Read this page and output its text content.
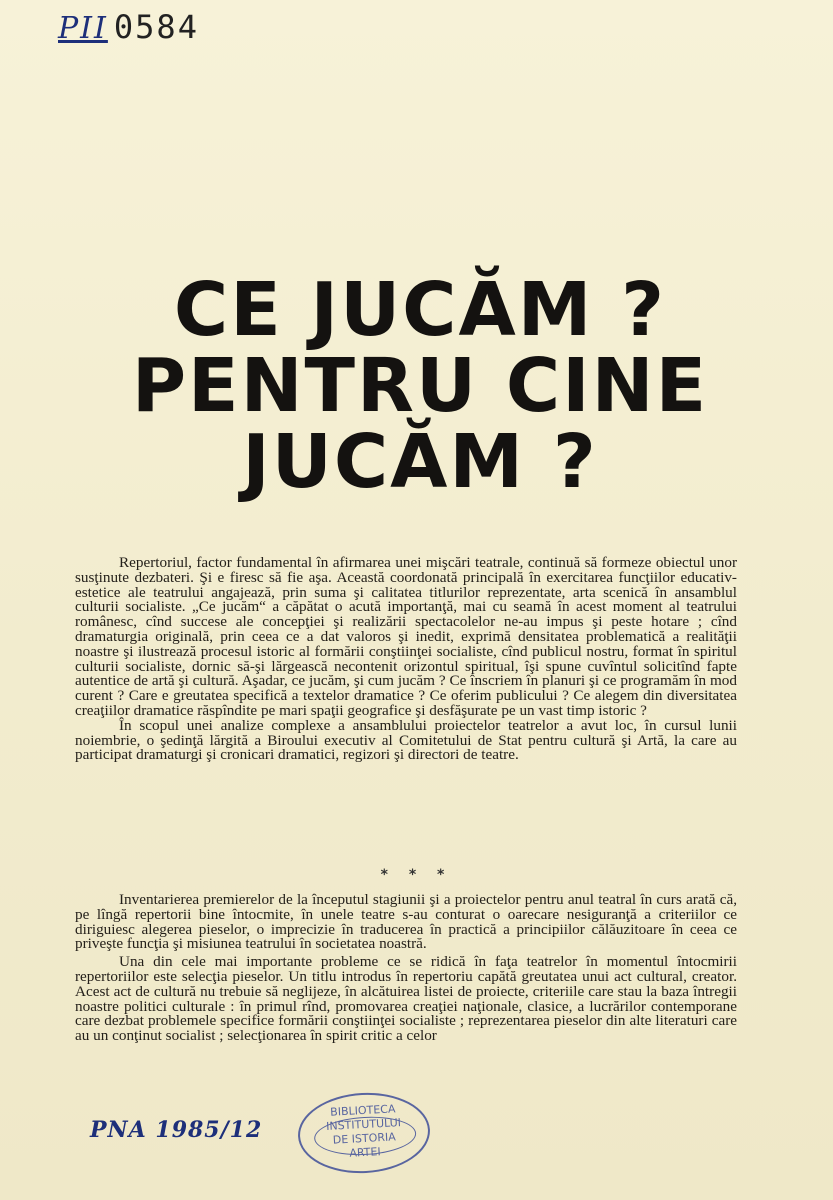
PII 0584
CE JUCĂM ?
PENTRU CINE
JUCĂM ?

Repertoriul, factor fundamental în afirmarea unei mişcări teatrale, continuă să formeze obiectul unor susţinute dezbateri. Şi e firesc să fie aşa. Această coordonată principală în exercitarea funcţiilor educativ-estetice ale teatrului angajează, prin suma şi calitatea titlurilor reprezentate, arta scenică în ansamblul culturii socialiste. „Ce jucăm“ a căpătat o acută importanţă, mai cu seamă în acest moment al teatrului românesc, cînd succese ale concepţiei şi realizării spectacolelor ne-au impus şi peste hotare ; cînd dramaturgia originală, prin ceea ce a dat valoros şi inedit, exprimă densitatea problematică a realităţii noastre şi ilustrează procesul istoric al formării conştiinţei socialiste, cînd publicul nostru, format în spiritul culturii socialiste, dornic să-şi lărgească necontenit orizontul spiritual, îşi spune cuvîntul solicitînd fapte autentice de artă şi cultură. Aşadar, ce jucăm, şi cum jucăm ? Ce înscriem în planuri şi ce programăm în mod curent ? Care e greutatea specifică a textelor dramatice ? Ce oferim publicului ? Ce alegem din diversitatea creaţiilor dramatice răspîndite pe mari spaţii geografice şi desfăşurate pe un vast timp istoric ?

În scopul unei analize complexe a ansamblului proiectelor teatrelor a avut loc, în cursul lunii noiembrie, o şedinţă lărgită a Biroului executiv al Comitetului de Stat pentru cultură şi Artă, la care au participat dramaturgi şi cronicari dramatici, regizori şi directori de teatre.

* * *

Inventarierea premierelor de la începutul stagiunii şi a proiectelor pentru anul teatral în curs arată că, pe lîngă repertorii bine întocmite, în unele teatre s-au conturat o oarecare nesiguranţă a criteriilor ce diriguiesc alegerea pieselor, o imprecizie în traducerea în practică a principiilor călăuzitoare în ceea ce priveşte funcţia şi misiunea teatrului în societatea noastră.

Una din cele mai importante probleme ce se ridică în faţa teatrelor în momentul întocmirii repertoriilor este selecţia pieselor. Un titlu introdus în repertoriu capătă greutatea unui act cultural, creator. Acest act de cultură nu trebuie să neglijeze, în alcătuirea listei de proiecte, criteriile care stau la baza întregii noastre politici culturale : în primul rînd, promovarea creaţiei naţionale, clasice, a lucrărilor contemporane care dezbat problemele specifice formării conştiinţei socialiste ; reprezentarea pieselor din alte literaturi care au un conţinut socialist ; selecţionarea în spirit critic a celor

PNA 1985/12
BIBLIOTECA
INSTITUTULUI
DE ISTORIA
ARTEI
